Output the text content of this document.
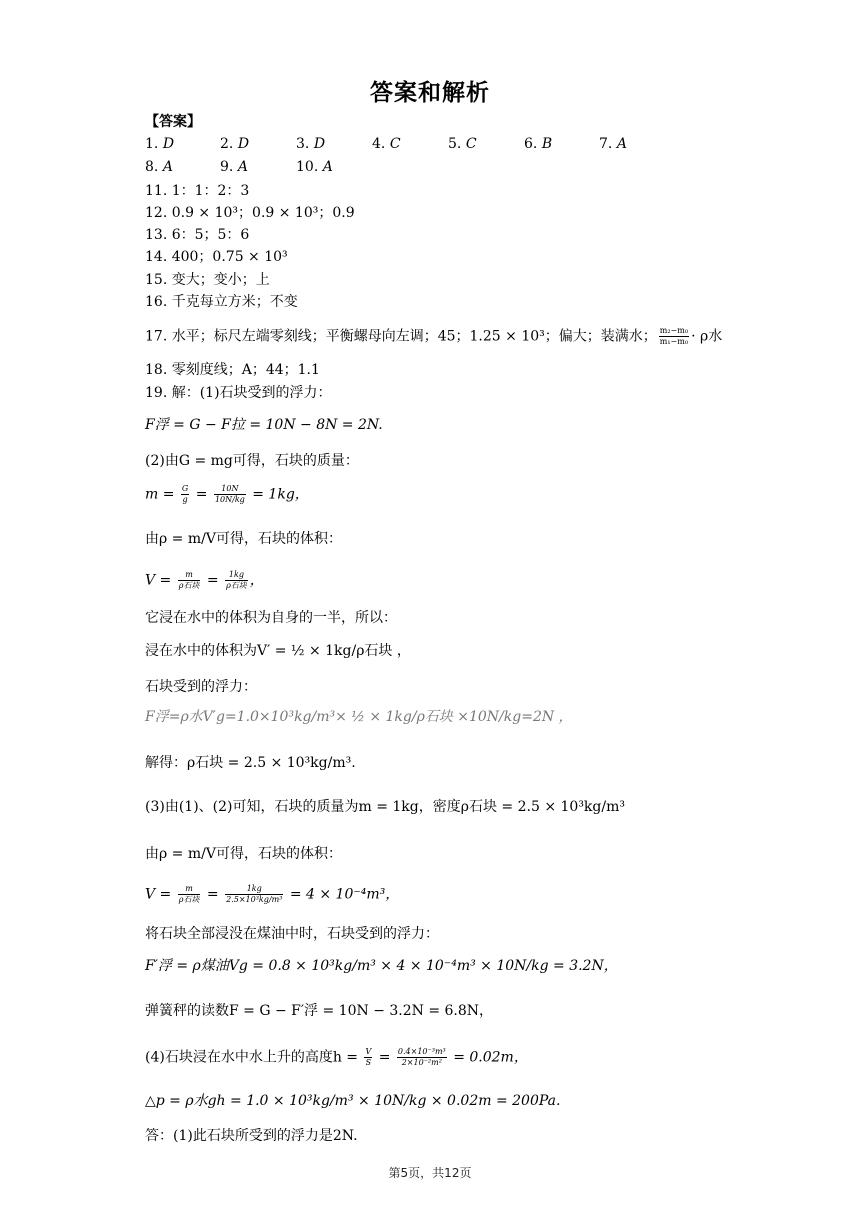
答案和解析
【答案】
1. D	2. D	3. D	4. C	5. C	6. B	7. A
8. A	9. A	10. A
11. 1：1：2：3
12. 0.9 × 10³；0.9 × 10³；0.9
13. 6：5；5：6
14. 400；0.75 × 10³
15. 变大；变小；上
16. 千克每立方米；不变
17. 水平；标尺左端零刻线；平衡螺母向左调；45；1.25 × 10³；偏大；装满水； $\frac{\text{m₂−m₀}}{\text{m₁−m₀}} \cdot \rho$水
18. 零刻度线；A；44；1.1
19. 解：(1)石块受到的浮力：
F浮 = G − F拉 = 10N − 8N = 2N.
(2)由G = mg可得，石块的质量：
$m = \frac{G}{g} = \frac{10N}{10N/kg} = 1kg$，
由ρ = m/V可得，石块的体积：
$V = \frac{m}{\text{ρ石块}} = \frac{1kg}{\text{ρ石块}}$ ，
它浸在水中的体积为自身的一半，所以：
浸在水中的体积为V′ = ½ × 1kg/ρ石块 ，
石块受到的浮力：
F浮=ρ水V′g=1.0×10³kg/m³× ½ × 1kg/ρ石块 ×10N/kg=2N ，
解得：ρ石块 = 2.5 × 10³kg/m³.
(3)由(1)、(2)可知，石块的质量为m = 1kg，密度ρ石块 = 2.5 × 10³kg/m³
由ρ = m/V可得，石块的体积：
$V = \frac{m}{\text{ρ石块}} = \frac{1kg}{\text{2.5×10³kg/m³}} = 4 \times 10^{-4}m^3$，
将石块全部浸没在煤油中时，石块受到的浮力：
F′浮 = ρ煤油Vg = 0.8 × 10³kg/m³ × 4 × 10⁻⁴m³ × 10N/kg = 3.2N，
弹簧秤的读数F = G − F′浮 = 10N − 3.2N = 6.8N，
(4)石块浸在水中水上升的高度$h = \frac{V}{S} = \frac{\text{0.4×10⁻³m³}}{\text{2×10⁻²m²}} = 0.02m$，
△p = ρ水gh = 1.0 × 10³kg/m³ × 10N/kg × 0.02m = 200Pa.
答：(1)此石块所受到的浮力是2N.
第5页，共12页
